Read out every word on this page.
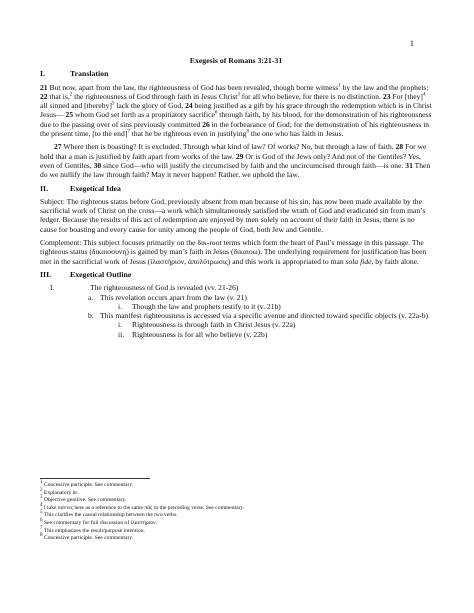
1
Exegesis of Romans 3:21-31
I.	Translation

21 But now, apart from the law, the righteousness of God has been revealed, though borne witness$^1$ by the law and the prophets; 22 that is,$^2$ the righteousness of God through faith in Jesus Christ$^3$ for all who believe, for there is no distinction. 23 For [they]$^4$ all sinned and [thereby]$^5$ lack the glory of God, 24 being justified as a gift by his grace through the redemption which is in Christ Jesus— 25 whom God set forth as a propitiatory sacrifice$^6$ through faith, by his blood, for the demonstration of his righteousness due to the passing over of sins previously committed 26 in the forbearance of God; for the demonstration of his righteousness in the present time, [to the end]$^7$ that he be righteous even in justifying$^8$ the one who has faith in Jesus.

27 Where then is boasting? It is excluded. Through what kind of law? Of works? No, but through a law of faith. 28 For we hold that a man is justified by faith apart from works of the law. 29 Or is God of the Jews only? And not of the Gentiles? Yes, even of Gentiles, 30 since God—who will justify the circumcised by faith and the uncircumcised through faith—is one. 31 Then do we nullify the law through faith? May it never happen! Rather, we uphold the law.

II.	Exegetical Idea

Subject: The righteous status before God, previously absent from man because of his sin, has now been made available by the sacrificial work of Christ on the cross—a work which simultaneously satisfied the wrath of God and eradicated sin from man’s ledger. Because the results of this act of redemption are enjoyed by men solely on account of their faith in Jesus, there is no cause for boasting and every cause for unity among the people of God, both Jew and Gentile.

Complement: This subject focuses primarily on the δικ-root terms which form the heart of Paul’s message in this passage. The righteous status (δικαιοσυνη) is gained by man’s faith in Jesus (δικαιοω). The underlying requirement for justification has been met in the sacrificial work of Jesus (ἱλαστήριον, ἀπολύτρωσις) and this work is appropriated to man sola fide, by faith alone.

III.	Exegetical Outline
I.	The righteousness of God is revealed (vv. 21-26)
a. This revelation occurs apart from the law (v. 21)
i.	Though the law and prophets testify to it (v. 21b)
b. This manifest righteousness is accessed via a specific avenue and directed toward specific objects (v. 22a-b)
i.	Righteousness is through faith in Christ Jesus (v. 22a)
ii.	Righteousness is for all who believe (v. 22b)
$^1$ Concessive participle. See commentary.
$^2$ Explanatory δε.
$^3$ Objective genitive. See commentary.
$^4$ I take πάντες here as a reference to the same πάς in the preceding verse. See commentary.
$^5$ This clarifies the causal relationship between the two verbs.
$^6$ See commentary for full discussion of ἱλαστήριον.
$^7$ This emphasizes the result/purpose intention.
$^8$ Concessive participle. See commentary.
